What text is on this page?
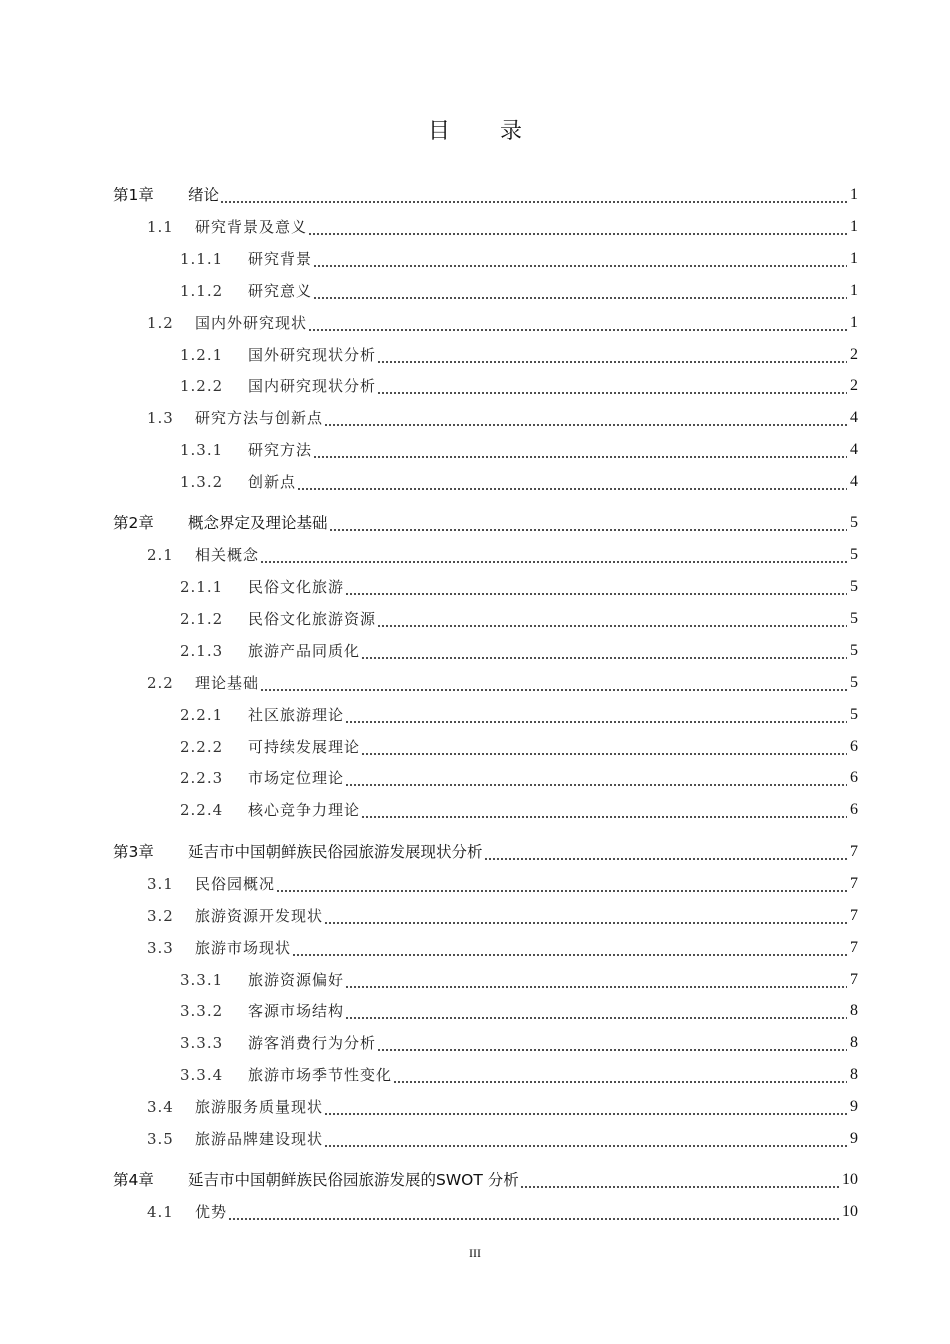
目 录
第1章	绪论	1
1.1	研究背景及意义	1
1.1.1	研究背景	1
1.1.2	研究意义	1
1.2	国内外研究现状	1
1.2.1	国外研究现状分析	2
1.2.2	国内研究现状分析	2
1.3	研究方法与创新点	4
1.3.1	研究方法	4
1.3.2	创新点	4
第2章	概念界定及理论基础	5
2.1	相关概念	5
2.1.1	民俗文化旅游	5
2.1.2	民俗文化旅游资源	5
2.1.3	旅游产品同质化	5
2.2	理论基础	5
2.2.1	社区旅游理论	5
2.2.2	可持续发展理论	6
2.2.3	市场定位理论	6
2.2.4	核心竞争力理论	6
第3章	延吉市中国朝鲜族民俗园旅游发展现状分析	7
3.1	民俗园概况	7
3.2	旅游资源开发现状	7
3.3	旅游市场现状	7
3.3.1	旅游资源偏好	7
3.3.2	客源市场结构	8
3.3.3	游客消费行为分析	8
3.3.4	旅游市场季节性变化	8
3.4	旅游服务质量现状	9
3.5	旅游品牌建设现状	9
第4章	延吉市中国朝鲜族民俗园旅游发展的SWOT 分析	10
4.1	优势	10
III
